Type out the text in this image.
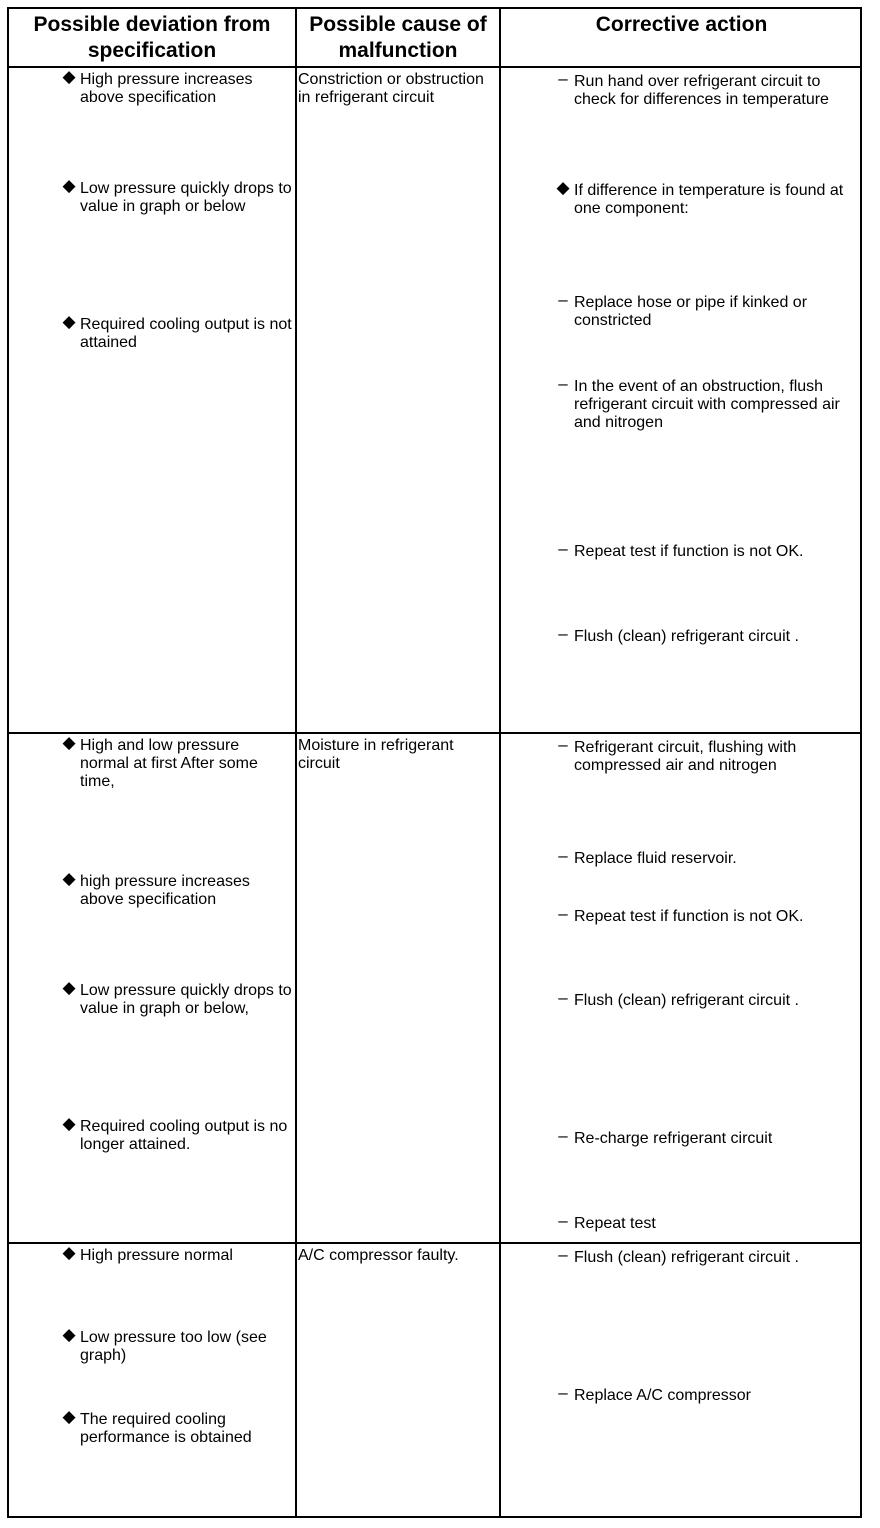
Possible deviation from specification
Possible cause of malfunction
Corrective action
◆ High pressure increases above specification
◆ Low pressure quickly drops to value in graph or below
◆ Required cooling output is not attained
Constriction or obstruction in refrigerant circuit
– Run hand over refrigerant circuit to check for differences in temperature
◆ If difference in temperature is found at one component:
– Replace hose or pipe if kinked or constricted
– In the event of an obstruction, flush refrigerant circuit with compressed air and nitrogen
– Repeat test if function is not OK.
– Flush (clean) refrigerant circuit .
◆ High and low pressure normal at first After some time,
◆ high pressure increases above specification
◆ Low pressure quickly drops to value in graph or below,
◆ Required cooling output is no longer attained.
Moisture in refrigerant circuit
– Refrigerant circuit, flushing with compressed air and nitrogen
– Replace fluid reservoir.
– Repeat test if function is not OK.
– Flush (clean) refrigerant circuit .
– Re-charge refrigerant circuit
– Repeat test
◆ High pressure normal
◆ Low pressure too low (see graph)
◆ The required cooling performance is obtained
A/C compressor faulty.	– Flush (clean) refrigerant circuit .
– Replace A/C compressor
